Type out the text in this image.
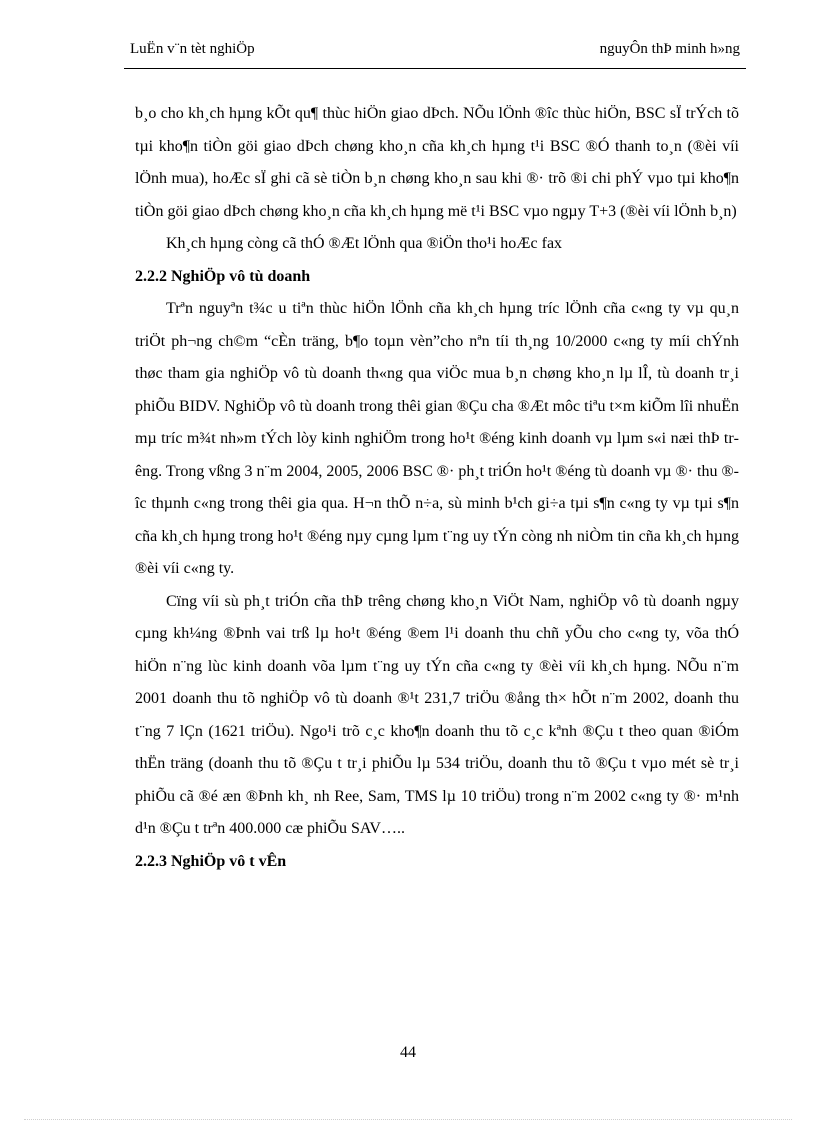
LuËn v¨n tèt nghiÖp	nguyÔn thÞ minh h»ng

b¸o cho kh¸ch hµng kÕt qu¶ thùc hiÖn giao dÞch. NÕu lÖnh ®îc thùc hiÖn, BSC sÏ trÝch tõ tµi kho¶n tiÒn göi giao dÞch chøng kho¸n cña kh¸ch hµng t¹i BSC ®Ó thanh to¸n (®èi víi lÖnh mua), hoÆc sÏ ghi cã sè tiÒn b¸n chøng kho¸n sau khi ®· trõ ®i chi phÝ vµo tµi kho¶n tiÒn göi giao dÞch chøng kho¸n cña kh¸ch hµng më t¹i BSC vµo ngµy T+3 (®èi víi lÖnh b¸n)

Kh¸ch hµng còng cã thÓ ®Æt lÖnh qua ®iÖn tho¹i hoÆc fax

2.2.2 NghiÖp vô tù doanh

Trªn nguyªn t¾c u tiªn thùc hiÖn lÖnh cña kh¸ch hµng tríc lÖnh cña c«ng ty vµ qu¸n triÖt ph¬ng ch©m “cÈn träng, b¶o toµn vèn”cho nªn tíi th¸ng 10/2000 c«ng ty míi chÝnh thøc tham gia nghiÖp vô tù doanh th«ng qua viÖc mua b¸n chøng kho¸n lµ lÎ, tù doanh tr¸i phiÕu BIDV. NghiÖp vô tù doanh trong thêi gian ®Çu cha ®Æt môc tiªu t×m kiÕm lîi nhuËn mµ tríc m¾t nh»m tÝch lòy kinh nghiÖm trong ho¹t ®éng kinh doanh vµ lµm s«i næi thÞ trêng. Trong vßng 3 n¨m 2004, 2005, 2006 BSC ®· ph¸t triÓn ho¹t ®éng tù doanh vµ ®· thu ®îc thµnh c«ng trong thêi gia qua. H¬n thÕ n÷a, sù minh b¹ch gi÷a tµi s¶n c«ng ty vµ tµi s¶n cña kh¸ch hµng trong ho¹t ®éng nµy cµng lµm t¨ng uy tÝn còng nh niÒm tin cña kh¸ch hµng ®èi víi c«ng ty.

Cïng víi sù ph¸t triÓn cña thÞ trêng chøng kho¸n ViÖt Nam, nghiÖp vô tù doanh ngµy cµng kh¼ng ®Þnh vai trß lµ ho¹t ®éng ®em l¹i doanh thu chñ yÕu cho c«ng ty, võa thÓ hiÖn n¨ng lùc kinh doanh võa lµm t¨ng uy tÝn cña c«ng ty ®èi víi kh¸ch hµng. NÕu n¨m 2001 doanh thu tõ nghiÖp vô tù doanh ®¹t 231,7 triÖu ®ång th× hÕt n¨m 2002, doanh thu t¨ng 7 lÇn (1621 triÖu). Ngo¹i trõ c¸c kho¶n doanh thu tõ c¸c kªnh ®Çu t theo quan ®iÓm thËn träng (doanh thu tõ ®Çu t tr¸i phiÕu lµ 534 triÖu, doanh thu tõ ®Çu t vµo mét sè tr¸i phiÕu cã ®é æn ®Þnh kh¸ nh Ree, Sam, TMS lµ 10 triÖu) trong n¨m 2002 c«ng ty ®· m¹nh d¹n ®Çu t trªn 400.000 cæ phiÕu SAV…..

2.2.3 NghiÖp vô t vÊn

44
